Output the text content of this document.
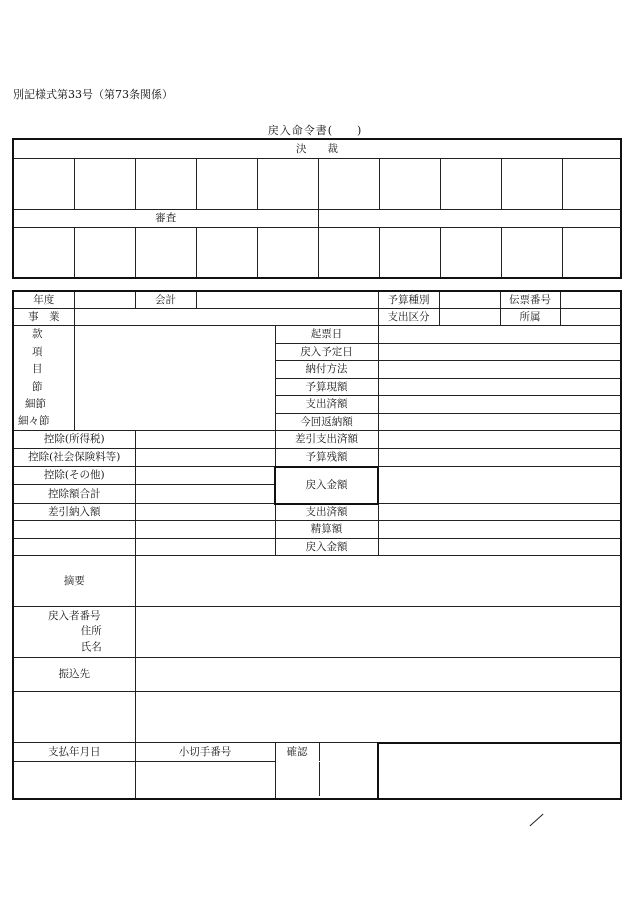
別記様式第33号（第73条関係）
戻入命令書(　　)
決　　裁									

審査									

年度		会計			予算種別		伝票番号
事　業					支出区分		所属
款				起票日			
項				戻入予定日			
目				納付方法			
節				予算現額			
細節				支出済額			
細々節				今回返納額			
控除(所得税)				差引支出済額			
控除(社会保険料等)				予算残額			
控除(その他)				戻入金額			
控除額合計							
差引納入額				支出済額			
				精算額			
				戻入金額			
摘要							

戻入者番号
住所
氏名							

振込先							

支払年月日		小切手番号		確認			
